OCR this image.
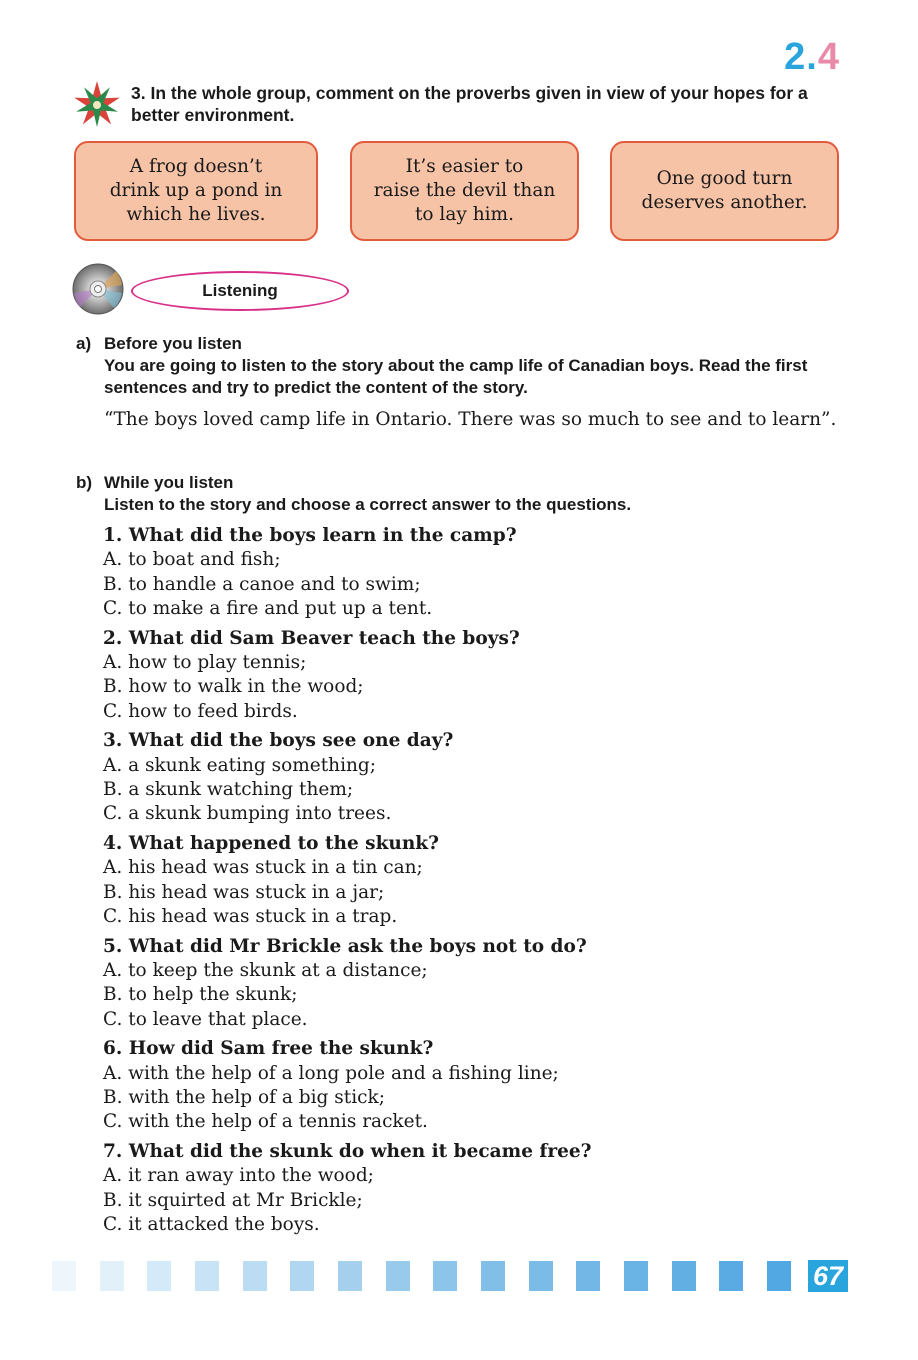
2.4
3. In the whole group, comment on the proverbs given in view of your hopes for a better environment.
A frog doesn’t
drink up a pond in
which he lives.
It’s easier to
raise the devil than
to lay him.
One good turn
deserves another.
Listening
a) Before you listen
You are going to listen to the story about the camp life of Canadian boys. Read the first sentences and try to predict the content of the story.
“The boys loved camp life in Ontario. There was so much to see and to learn”.
b) While you listen
Listen to the story and choose a correct answer to the questions.
1. What did the boys learn in the camp?
A. to boat and fish;
B. to handle a canoe and to swim;
C. to make a fire and put up a tent.
2. What did Sam Beaver teach the boys?
A. how to play tennis;
B. how to walk in the wood;
C. how to feed birds.
3. What did the boys see one day?
A. a skunk eating something;
B. a skunk watching them;
C. a skunk bumping into trees.
4. What happened to the skunk?
A. his head was stuck in a tin can;
B. his head was stuck in a jar;
C. his head was stuck in a trap.
5. What did Mr Brickle ask the boys not to do?
A. to keep the skunk at a distance;
B. to help the skunk;
C. to leave that place.
6. How did Sam free the skunk?
A. with the help of a long pole and a fishing line;
B. with the help of a big stick;
C. with the help of a tennis racket.
7. What did the skunk do when it became free?
A. it ran away into the wood;
B. it squirted at Mr Brickle;
C. it attacked the boys.
67
